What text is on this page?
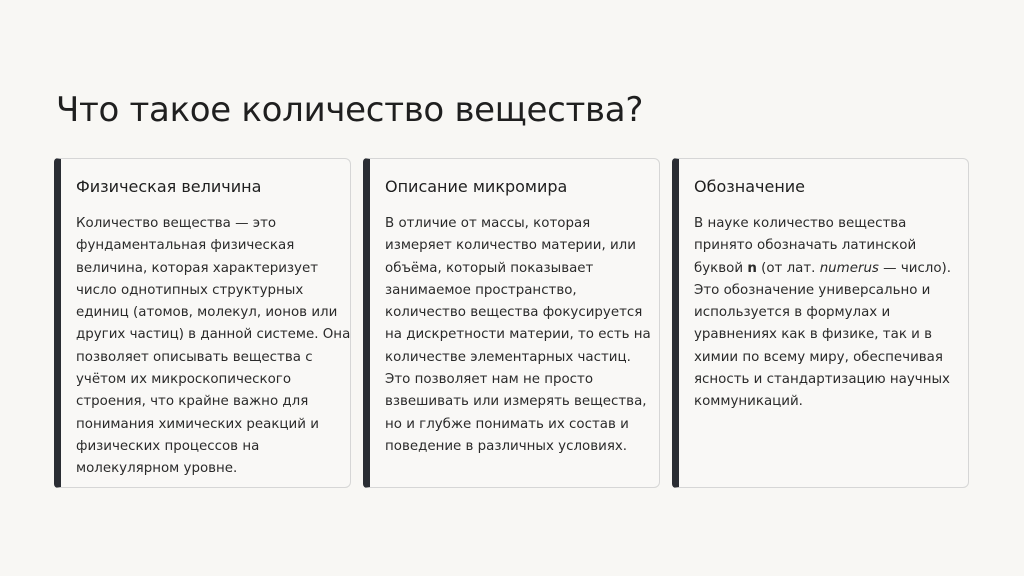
Что такое количество вещества?
Физическая величина

Количество вещества — это
фундаментальная физическая
величина, которая характеризует
число однотипных структурных
единиц (атомов, молекул, ионов или
других частиц) в данной системе. Она
позволяет описывать вещества с
учётом их микроскопического
строения, что крайне важно для
понимания химических реакций и
физических процессов на
молекулярном уровне.

Описание микромира

В отличие от массы, которая
измеряет количество материи, или
объёма, который показывает
занимаемое пространство,
количество вещества фокусируется
на дискретности материи, то есть на
количестве элементарных частиц.
Это позволяет нам не просто
взвешивать или измерять вещества,
но и глубже понимать их состав и
поведение в различных условиях.

Обозначение

В науке количество вещества
принято обозначать латинской
буквой n (от лат. numerus — число).
Это обозначение универсально и
используется в формулах и
уравнениях как в физике, так и в
химии по всему миру, обеспечивая
ясность и стандартизацию научных
коммуникаций.
